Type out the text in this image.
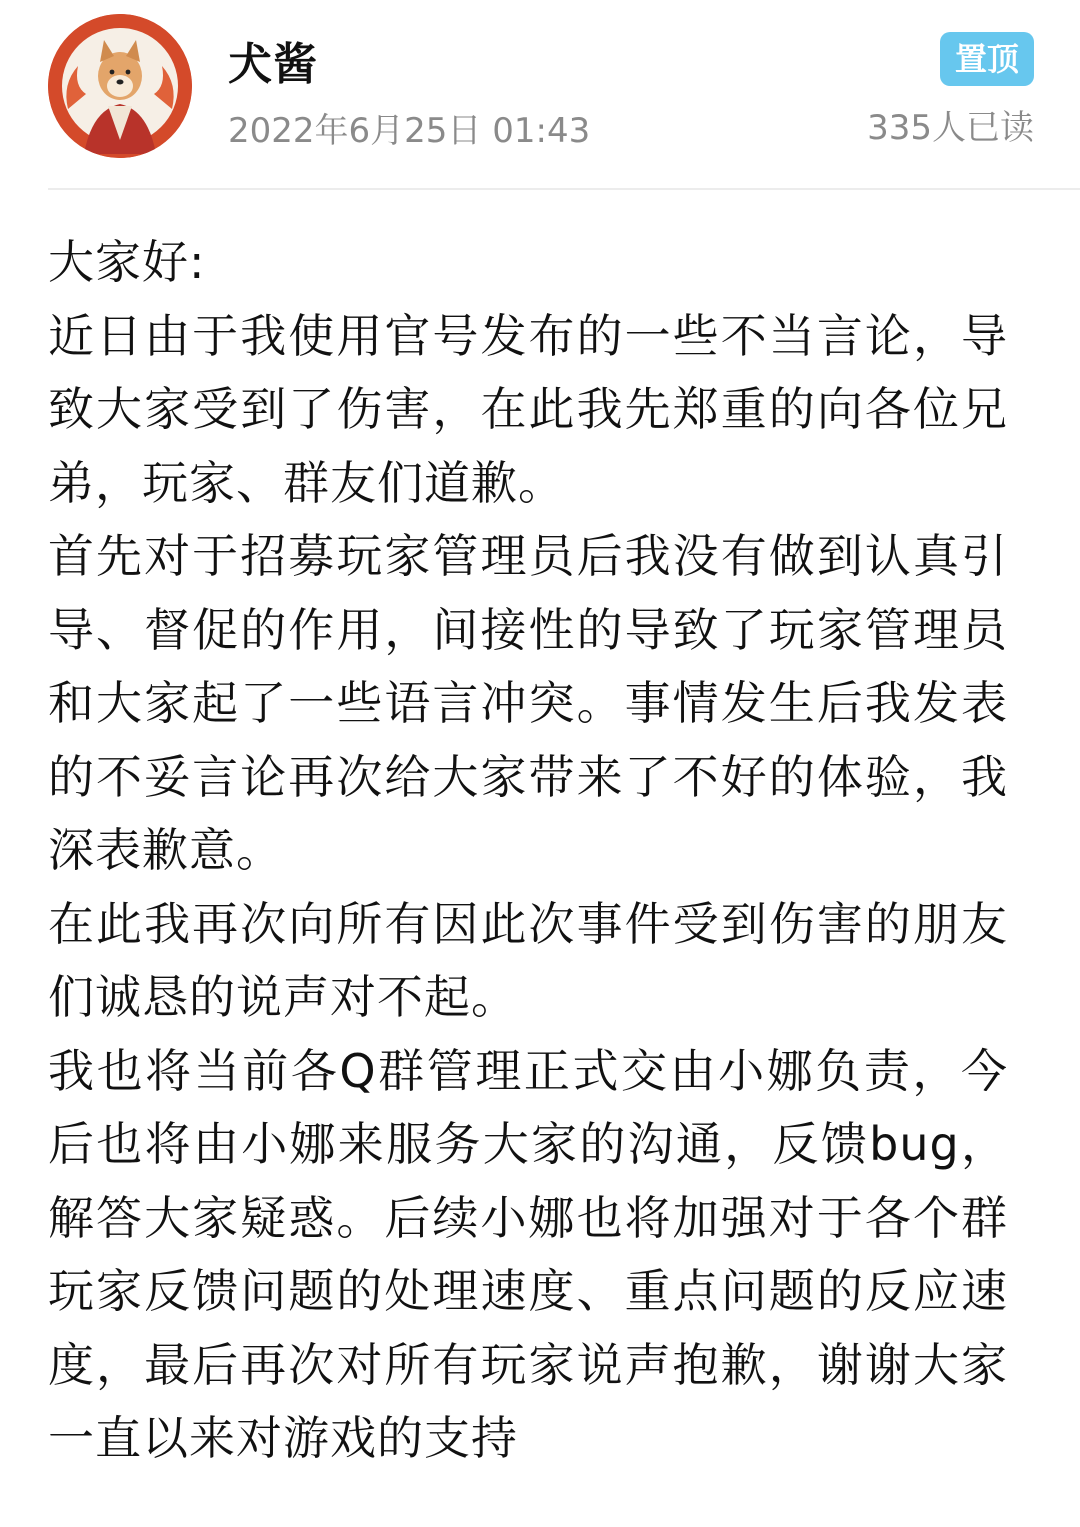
犬酱
2022年6月25日 01:43
置顶
335人已读

大家好:

近日由于我使用官号发布的一些不当言论，导致大家受到了伤害，在此我先郑重的向各位兄弟，玩家、群友们道歉。

首先对于招募玩家管理员后我没有做到认真引导、督促的作用，间接性的导致了玩家管理员和大家起了一些语言冲突。事情发生后我发表的不妥言论再次给大家带来了不好的体验，我深表歉意。

在此我再次向所有因此次事件受到伤害的朋友们诚恳的说声对不起。

我也将当前各Q群管理正式交由小娜负责，今后也将由小娜来服务大家的沟通，反馈bug，解答大家疑惑。后续小娜也将加强对于各个群玩家反馈问题的处理速度、重点问题的反应速度，最后再次对所有玩家说声抱歉，谢谢大家一直以来对游戏的支持
